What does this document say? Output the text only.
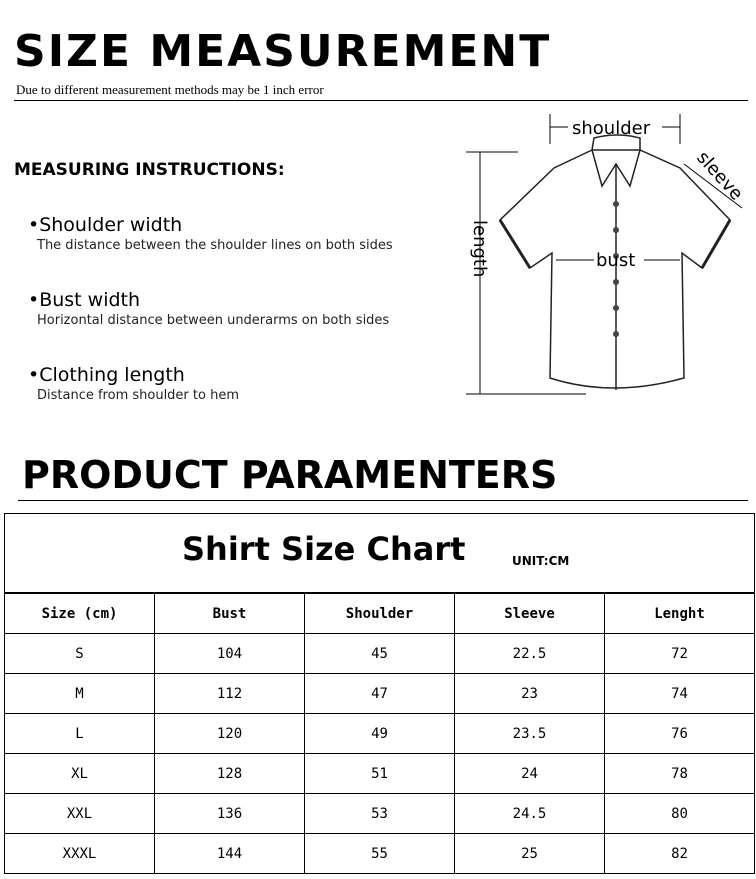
SIZE MEASUREMENT
Due to different measurement methods may be 1 inch error
MEASURING INSTRUCTIONS:
•Shoulder width
The distance between the shoulder lines on both sides
•Bust width
Horizontal distance between underarms on both sides
•Clothing length
Distance from shoulder to hem
shoulder
bust
length
sleeve
PRODUCT PARAMENTERS
Shirt Size Chart	UNIT:CM
Size (cm)	Bust	Shoulder	Sleeve	Lenght
S	104	45	22.5	72
M	112	47	23	74
L	120	49	23.5	76
XL	128	51	24	78
XXL	136	53	24.5	80
XXXL	144	55	25	82
